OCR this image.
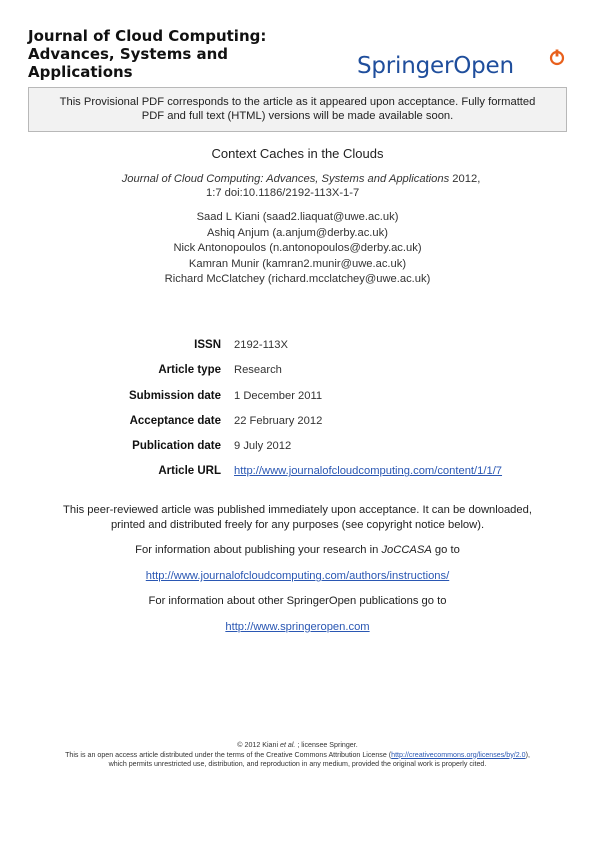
Journal of Cloud Computing:
Advances, Systems and
Applications	SpringerOpen
This Provisional PDF corresponds to the article as it appeared upon acceptance. Fully formatted
PDF and full text (HTML) versions will be made available soon.
Context Caches in the Clouds
Journal of Cloud Computing: Advances, Systems and Applications 2012,
1:7 doi:10.1186/2192-113X-1-7
Saad L Kiani (saad2.liaquat@uwe.ac.uk)
Ashiq Anjum (a.anjum@derby.ac.uk)
Nick Antonopoulos (n.antonopoulos@derby.ac.uk)
Kamran Munir (kamran2.munir@uwe.ac.uk)
Richard McClatchey (richard.mcclatchey@uwe.ac.uk)
ISSN 2192-113X
Article type Research
Submission date 1 December 2011
Acceptance date 22 February 2012
Publication date 9 July 2012
Article URL http://www.journalofcloudcomputing.com/content/1/1/7
This peer-reviewed article was published immediately upon acceptance. It can be downloaded,
printed and distributed freely for any purposes (see copyright notice below).
For information about publishing your research in JoCCASA go to
http://www.journalofcloudcomputing.com/authors/instructions/
For information about other SpringerOpen publications go to
http://www.springeropen.com
© 2012 Kiani et al. ; licensee Springer.
This is an open access article distributed under the terms of the Creative Commons Attribution License (http://creativecommons.org/licenses/by/2.0),
which permits unrestricted use, distribution, and reproduction in any medium, provided the original work is properly cited.
